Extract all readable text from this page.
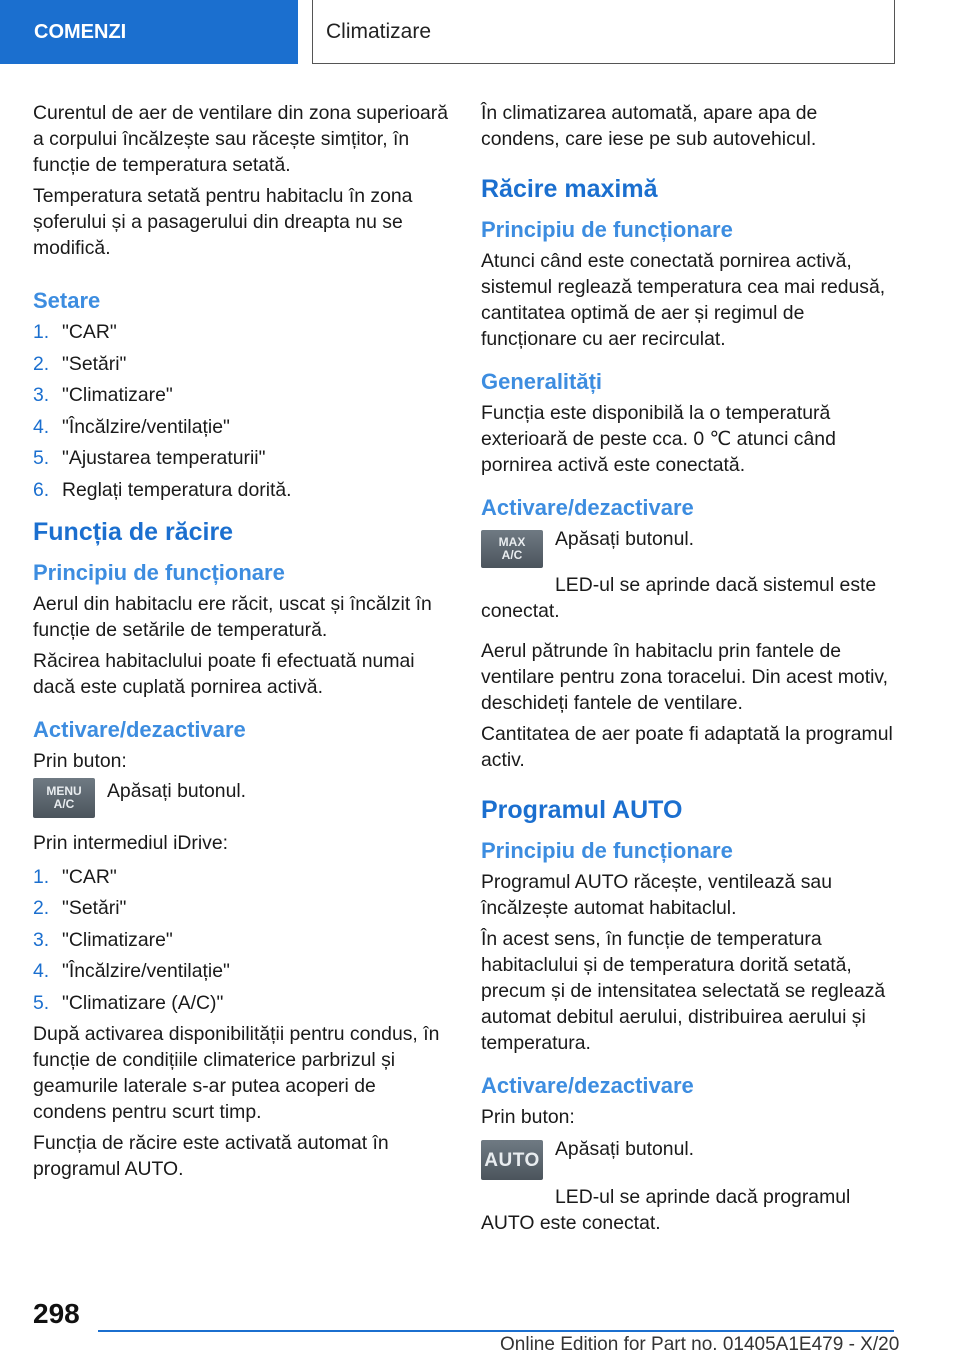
COMENZI	Climatizare

Curentul de aer de ventilare din zona superioară a corpului încălzește sau răcește simțitor, în funcție de temperatura setată.

Temperatura setată pentru habitaclu în zona șoferului și a pasagerului din dreapta nu se modifică.

Setare
1. "CAR"
2. "Setări"
3. "Climatizare"
4. "Încălzire/ventilație"
5. "Ajustarea temperaturii"
6. Reglați temperatura dorită.
Funcția de răcire
Principiu de funcționare

Aerul din habitaclu ere răcit, uscat și încălzit în funcție de setările de temperatură.

Răcirea habitaclului poate fi efectuată numai dacă este cuplată pornirea activă.

Activare/dezactivare

Prin buton:

MENU
A/C

Apăsați butonul.

Prin intermediul iDrive:

1. "CAR"
2. "Setări"
3. "Climatizare"
4. "Încălzire/ventilație"
5. "Climatizare (A/C)"

După activarea disponibilității pentru condus, în funcție de condițiile climaterice parbrizul și geamurile laterale s-ar putea acoperi de condens pentru scurt timp.

Funcția de răcire este activată automat în programul AUTO.

În climatizarea automată, apare apa de condens, care iese pe sub autovehicul.

Răcire maximă
Principiu de funcționare

Atunci când este conectată pornirea activă, sistemul reglează temperatura cea mai redusă, cantitatea optimă de aer și regimul de funcționare cu aer recirculat.

Generalități

Funcția este disponibilă la o temperatură exterioară de peste cca. 0 ℃ atunci când pornirea activă este conectată.

Activare/dezactivare
MAX
A/C

Apăsați butonul.

LED-ul se aprinde dacă sistemul este conectat.

Aerul pătrunde în habitaclu prin fantele de ventilare pentru zona toracelui. Din acest motiv, deschideți fantele de ventilare.

Cantitatea de aer poate fi adaptată la programul activ.

Programul AUTO
Principiu de funcționare

Programul AUTO răcește, ventilează sau încălzește automat habitaclul.

În acest sens, în funcție de temperatura habitaclului și de temperatura dorită setată, precum și de intensitatea selectată se reglează automat debitul aerului, distribuirea aerului și temperatura.

Activare/dezactivare

Prin buton:

AUTO Apăsați butonul.

LED-ul se aprinde dacă programul AUTO este conectat.

298
Online Edition for Part no. 01405A1E479 - X/20
